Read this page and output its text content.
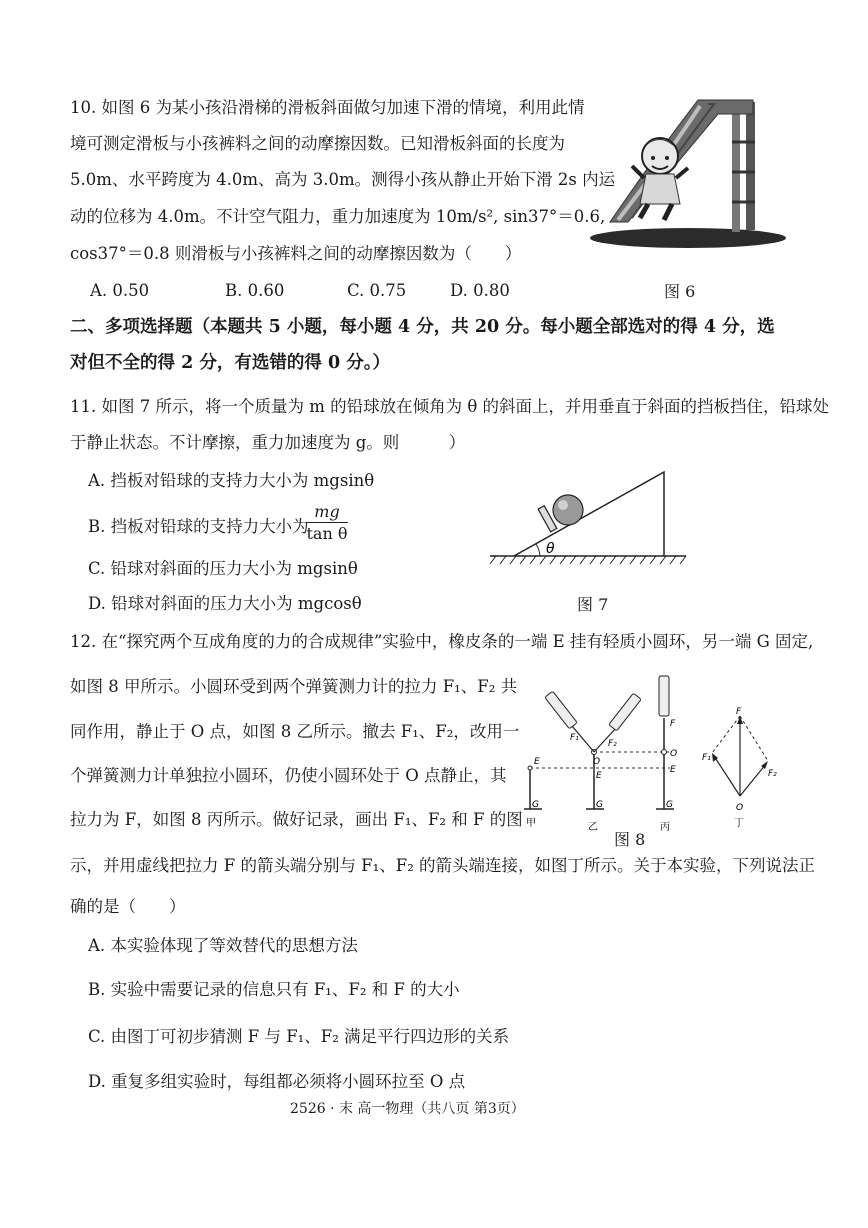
10. 如图 6 为某小孩沿滑梯的滑板斜面做匀加速下滑的情境，利用此情
境可测定滑板与小孩裤料之间的动摩擦因数。已知滑板斜面的长度为
5.0m、水平跨度为 4.0m、高为 3.0m。测得小孩从静止开始下滑 2s 内运
动的位移为 4.0m。不计空气阻力，重力加速度为 10m/s², sin37°＝0.6,
cos37°＝0.8 则滑板与小孩裤料之间的动摩擦因数为（　　）
A. 0.50	B. 0.60	C. 0.75	D. 0.80	图 6
二、多项选择题（本题共 5 小题，每小题 4 分，共 20 分。每小题全部选对的得 4 分，选
对但不全的得 2 分，有选错的得 0 分。）
11. 如图 7 所示，将一个质量为 m 的铅球放在倾角为 θ 的斜面上，并用垂直于斜面的挡板挡住，铅球处
于静止状态。不计摩擦，重力加速度为 g。则　　　）
A. 挡板对铅球的支持力大小为 mgsinθ
B. 挡板对铅球的支持力大小为
$\frac{mg}{\text{tan θ}}$
C. 铅球对斜面的压力大小为 mgsinθ
D. 铅球对斜面的压力大小为 mgcosθ	图 7
θ
12. 在“探究两个互成角度的力的合成规律”实验中，橡皮条的一端 E 挂有轻质小圆环，另一端 G 固定,
如图 8 甲所示。小圆环受到两个弹簧测力计的拉力 F₁、F₂ 共
同作用，静止于 O 点，如图 8 乙所示。撤去 F₁、F₂，改用一
个弹簧测力计单独拉小圆环，仍使小圆环处于 O 点静止，其
拉力为 F，如图 8 丙所示。做好记录，画出 F₁、F₂ 和 F 的图
示，并用虚线把拉力 F 的箭头端分别与 F₁、F₂ 的箭头端连接，如图丁所示。关于本实验，下列说法正
确的是（　　）
A. 本实验体现了等效替代的思想方法
B. 实验中需要记录的信息只有 F₁、F₂ 和 F 的大小
C. 由图丁可初步猜测 F 与 F₁、F₂ 满足平行四边形的关系
D. 重复多组实验时，每组都必须将小圆环拉至 O 点
E
G
甲
F₁
F₂
O
E
G
乙
F
O
E
G
丙
F
F₁
F₂
O
丁
图 8
2526 · 末 高一物理（共八页 第3页）
